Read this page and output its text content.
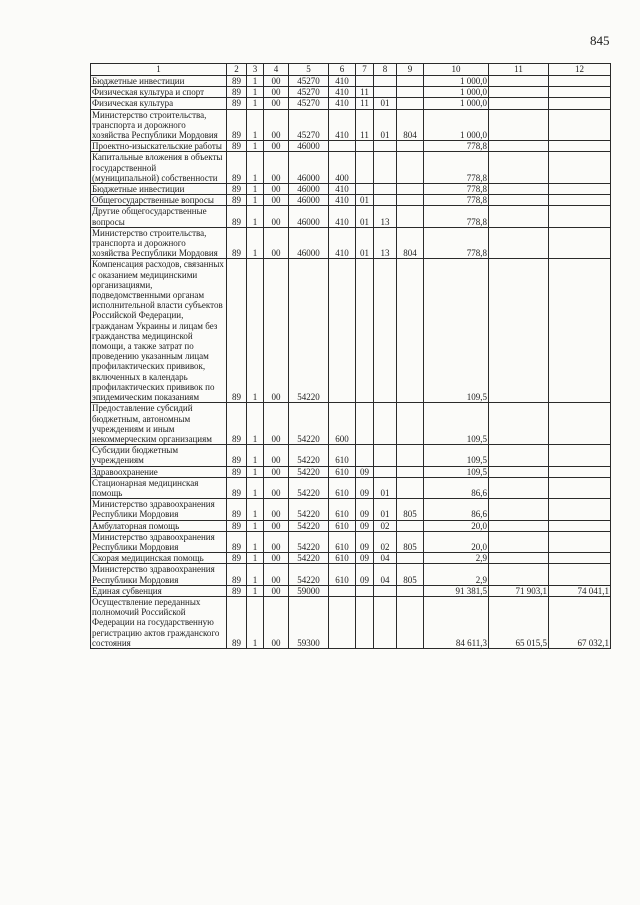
845
1	2	3	4	5	6	7	8	9	10	11	12
Бюджетные инвестиции	89	1	00	45270	410				1 000,0		
Физическая культура и спорт	89	1	00	45270	410	11			1 000,0		
Физическая культура	89	1	00	45270	410	11	01		1 000,0		
Министерство строительства, транспорта и дорожного хозяйства Республики Мордовия	89	1	00	45270	410	11	01	804	1 000,0		
Проектно-изыскательские работы	89	1	00	46000					778,8		
Капитальные вложения в объекты государственной (муниципальной) собственности	89	1	00	46000	400				778,8		
Бюджетные инвестиции	89	1	00	46000	410				778,8		
Общегосударственные вопросы	89	1	00	46000	410	01			778,8		
Другие общегосударственные вопросы	89	1	00	46000	410	01	13		778,8		
Министерство строительства, транспорта и дорожного хозяйства Республики Мордовия	89	1	00	46000	410	01	13	804	778,8		
Компенсация расходов, связанных с оказанием медицинскими организациями, подведомственными органам исполнительной власти субъектов Российской Федерации, гражданам Украины и лицам без гражданства медицинской помощи, а также затрат по проведению указанным лицам профилактических прививок, включенных в календарь профилактических прививок по эпидемическим показаниям	89	1	00	54220					109,5		
Предоставление субсидий бюджетным, автономным учреждениям и иным некоммерческим организациям	89	1	00	54220	600				109,5		
Субсидии бюджетным учреждениям	89	1	00	54220	610				109,5		
Здравоохранение	89	1	00	54220	610	09			109,5		
Стационарная медицинская помощь	89	1	00	54220	610	09	01		86,6		
Министерство здравоохранения Республики Мордовия	89	1	00	54220	610	09	01	805	86,6		
Амбулаторная помощь	89	1	00	54220	610	09	02		20,0		
Министерство здравоохранения Республики Мордовия	89	1	00	54220	610	09	02	805	20,0		
Скорая медицинская помощь	89	1	00	54220	610	09	04		2,9		
Министерство здравоохранения Республики Мордовия	89	1	00	54220	610	09	04	805	2,9		
Единая субвенция	89	1	00	59000					91 381,5	71 903,1	74 041,1
Осуществление переданных полномочий Российской Федерации на государственную регистрацию актов гражданского состояния	89	1	00	59300					84 611,3	65 015,5	67 032,1
